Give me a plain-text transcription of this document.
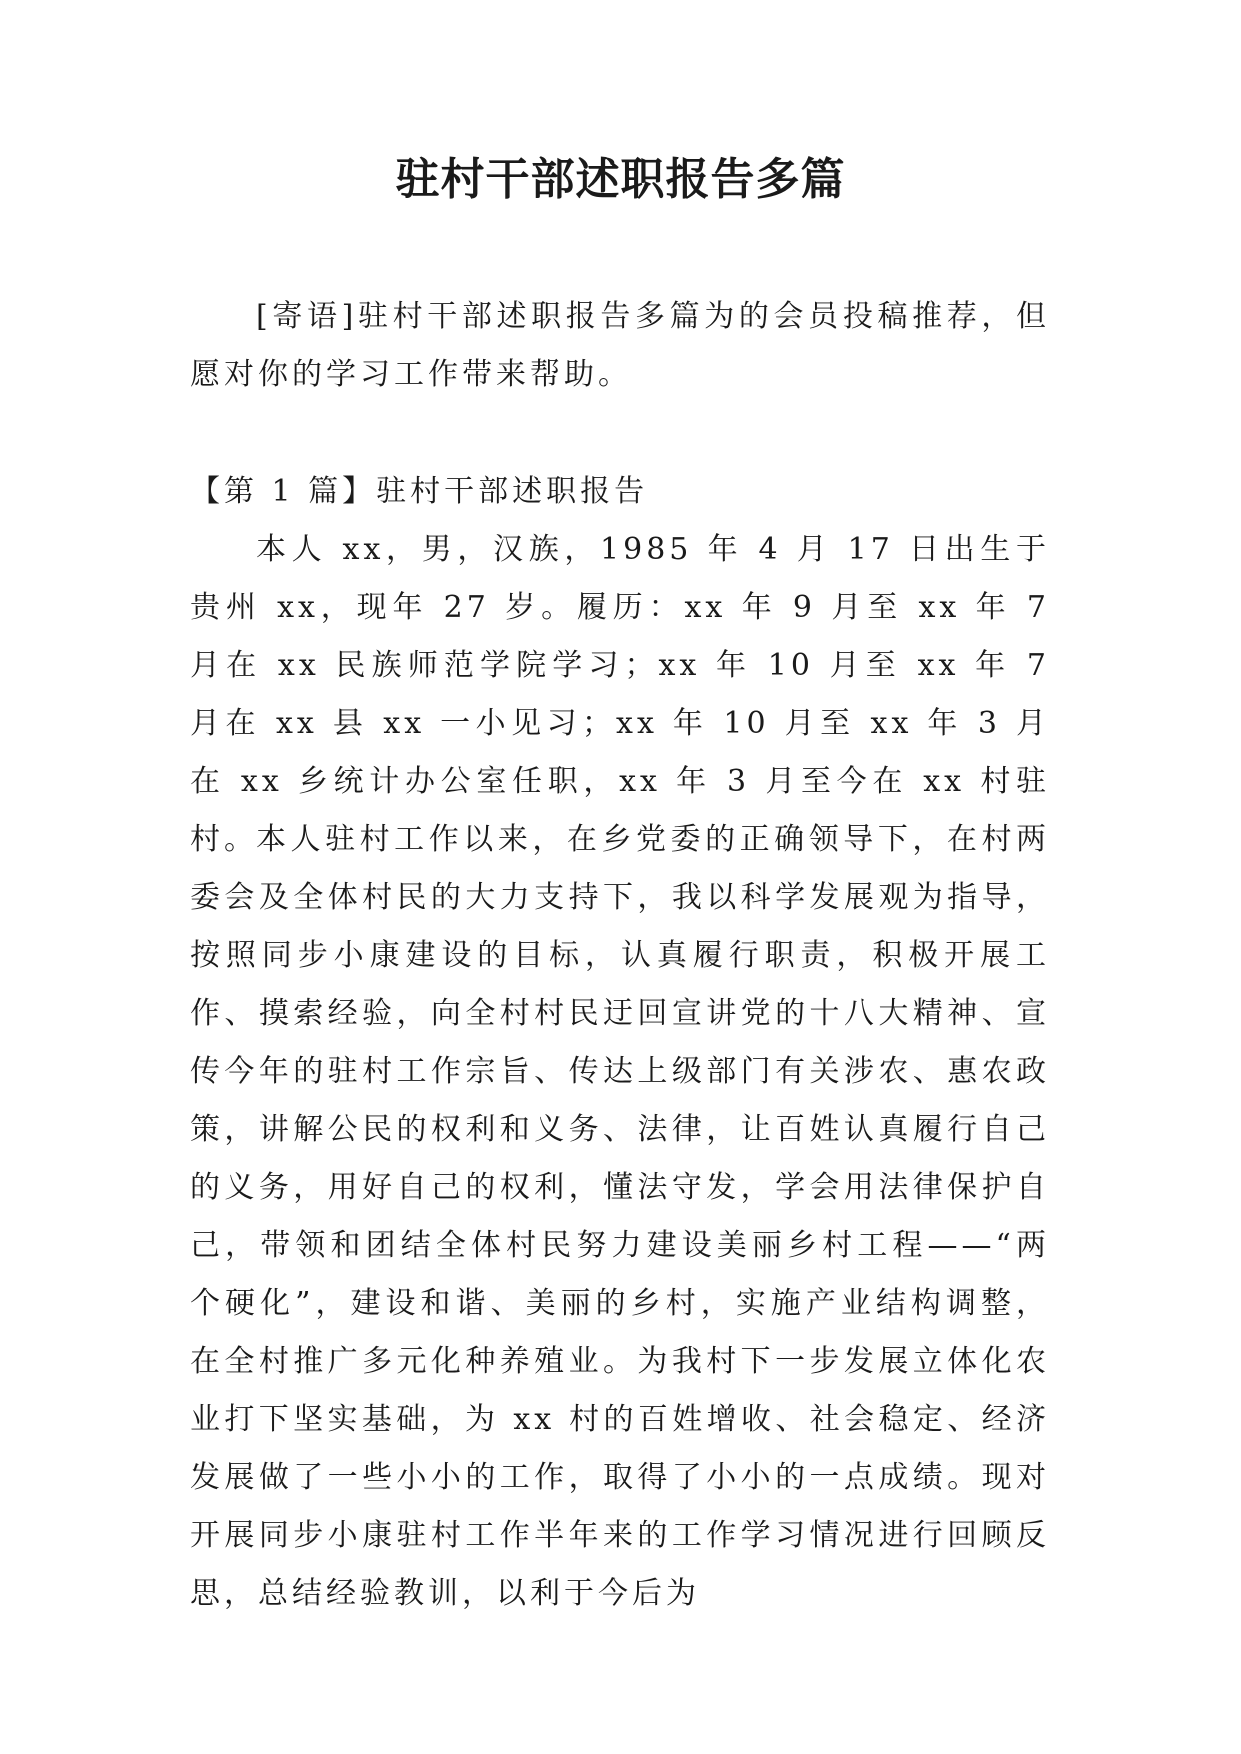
驻村干部述职报告多篇

[寄语]驻村干部述职报告多篇为的会员投稿推荐，但愿对你的学习工作带来帮助。

【第 1 篇】驻村干部述职报告

本人 xx，男，汉族，1985 年 4 月 17 日出生于贵州 xx，现年 27 岁。履历：xx 年 9 月至 xx 年 7 月在 xx 民族师范学院学习；xx 年 10 月至 xx 年 7 月在 xx 县 xx 一小见习；xx 年 10 月至 xx 年 3 月在 xx 乡统计办公室任职，xx 年 3 月至今在 xx 村驻村。

本人驻村工作以来，在乡党委的正确领导下，在村两委会及全体村民的大力支持下，我以科学发展观为指导，按照同步小康建设的目标，认真履行职责，积极开展工作、摸索经验，向全村村民迂回宣讲党的十八大精神、宣传今年的驻村工作宗旨、传达上级部门有关涉农、惠农政策，讲解公民的权利和义务、法律，让百姓认真履行自己的义务，用好自己的权利，懂法守发，学会用法律保护自己，带领和团结全体村民努力建设美丽乡村工程——“两个硬化”，建设和谐、美丽的乡村，实施产业结构调整，在全村推广多元化种养殖业。为我村下一步发展立体化农业打下坚实基础，为 xx 村的百姓增收、社会稳定、经济发展做了一些小小的工作，取得了小小的一点成绩。现对开展同步小康驻村工作半年来的工作学习情况进行回顾反思，总结经验教训，以利于今后为
